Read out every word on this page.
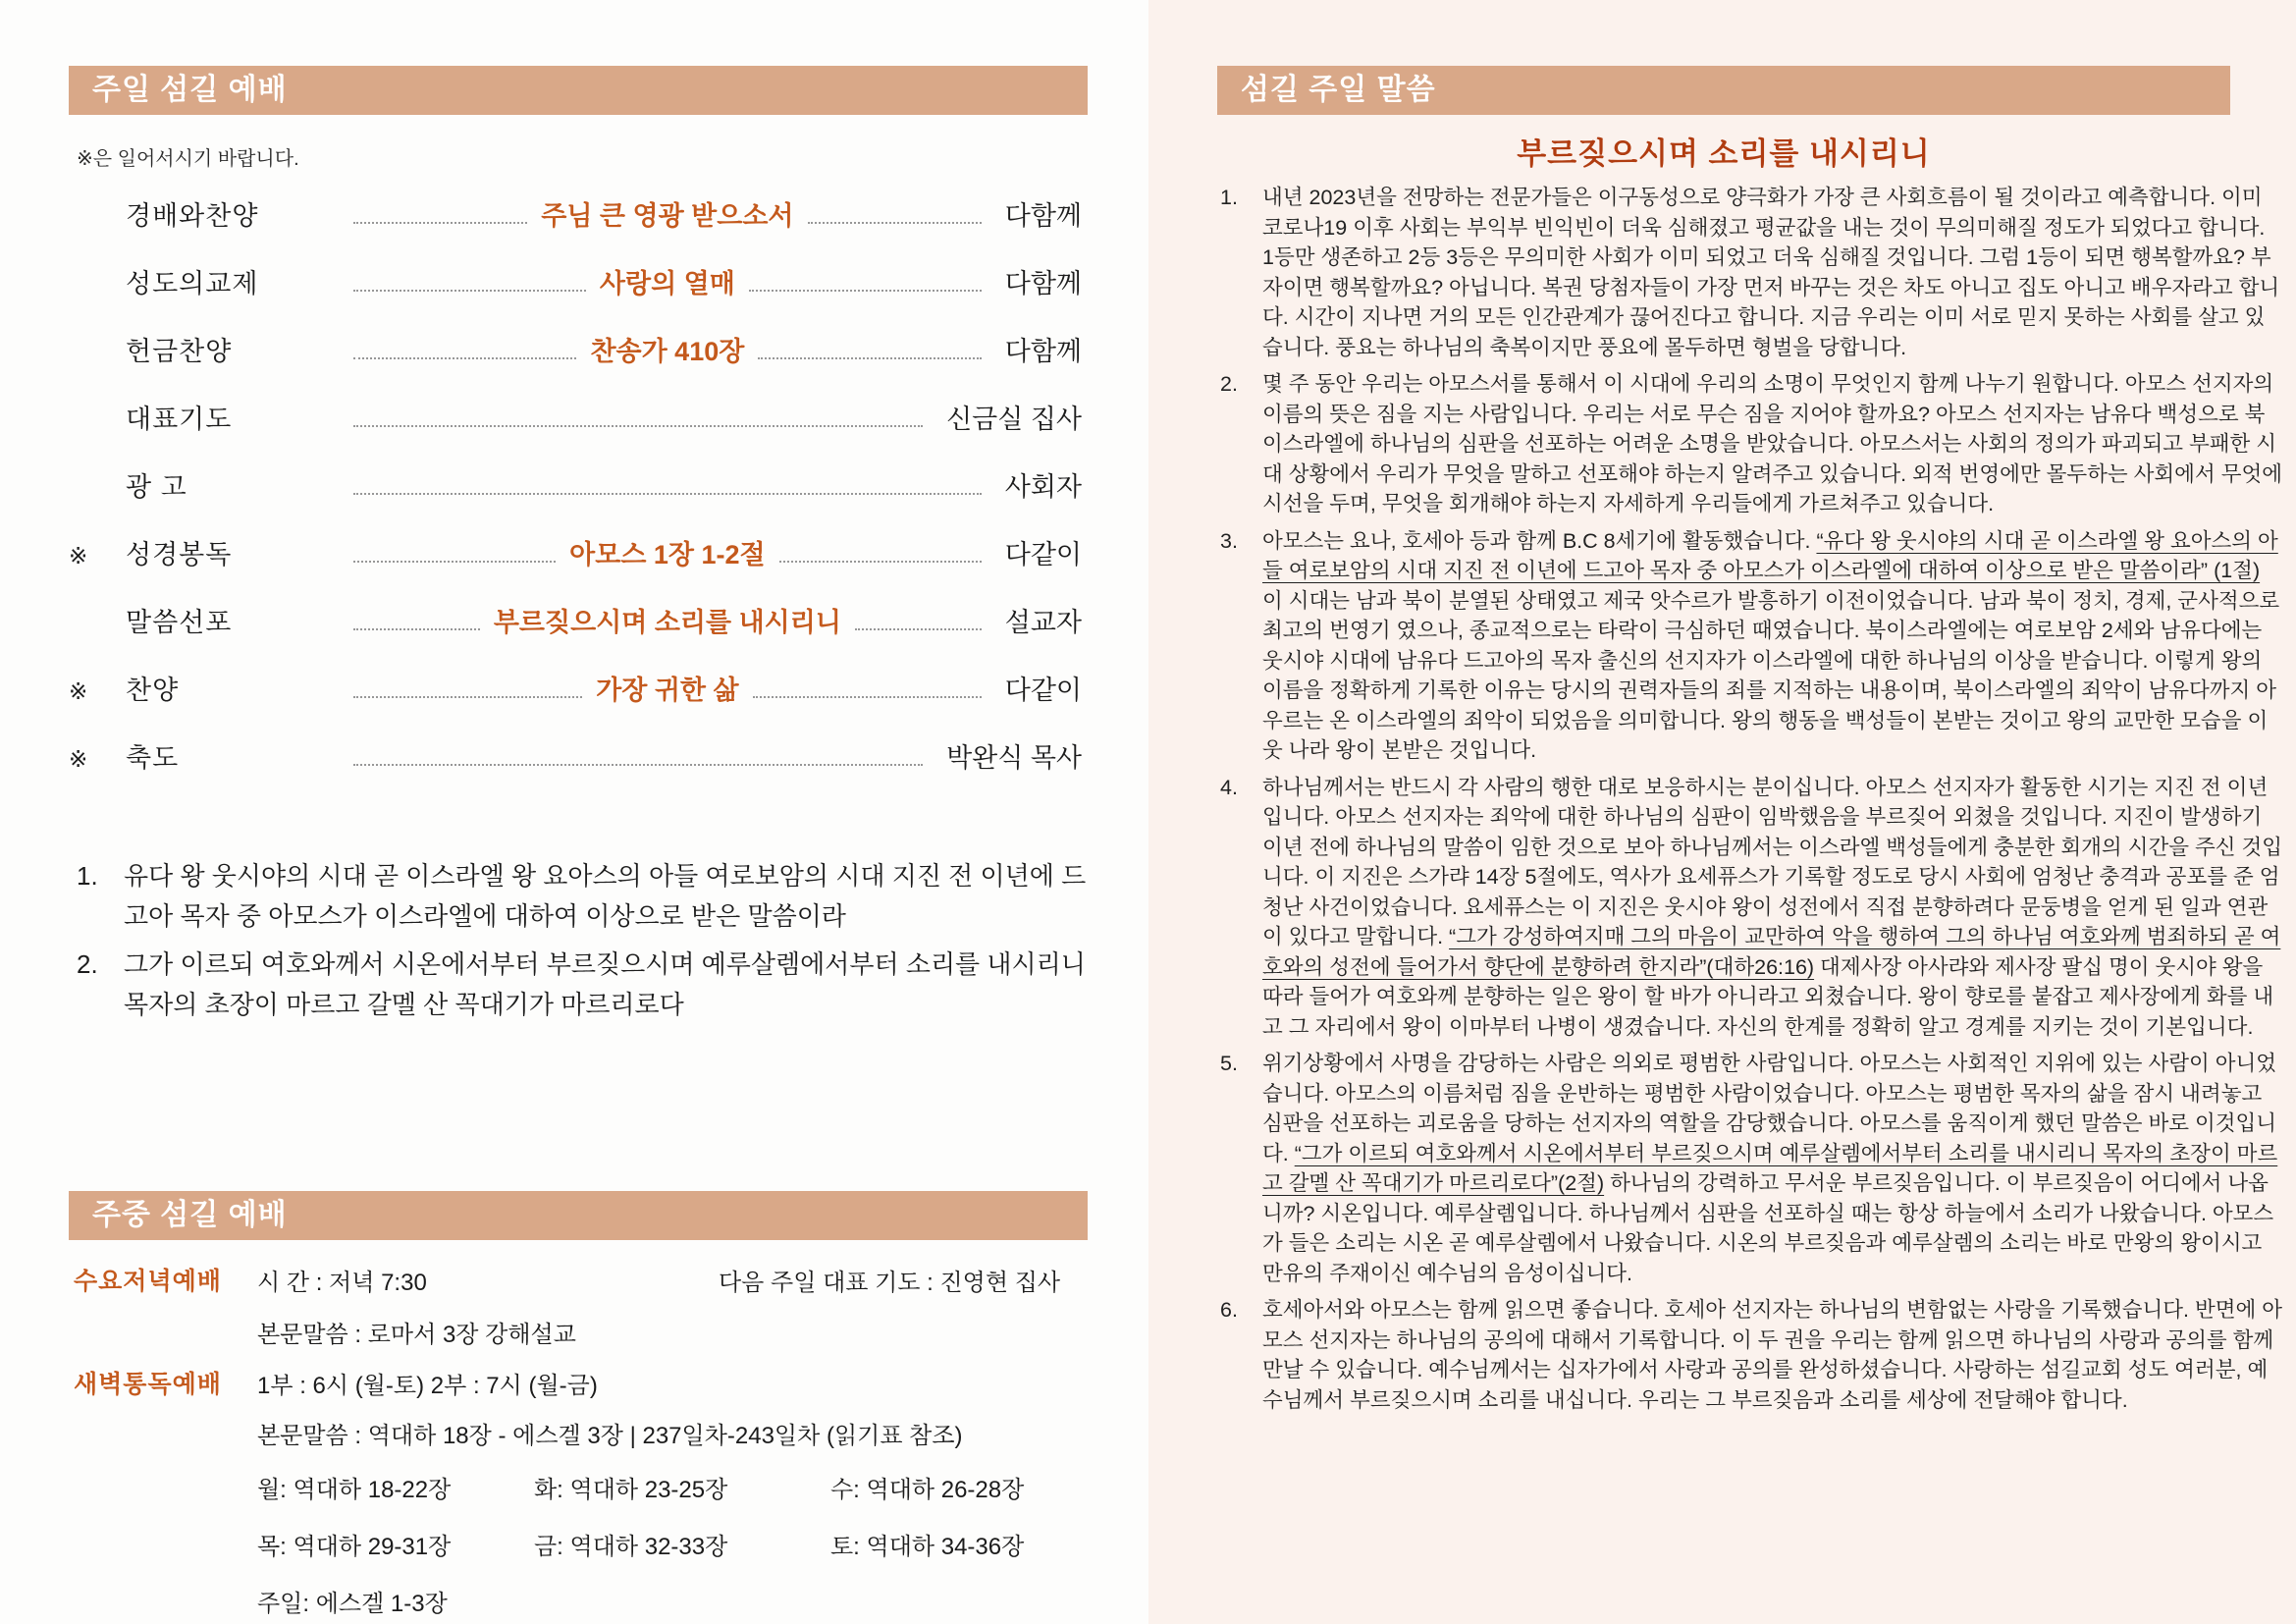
주일 섬길 예배
※은 일어서시기 바랍니다.
경배와찬양	주님 큰 영광 받으소서	다함께
성도의교제	사랑의 열매	다함께
헌금찬양	찬송가 410장	다함께
대표기도	신금실 집사
광 고	사회자
※	성경봉독	아모스 1장 1-2절	다같이
말씀선포	부르짖으시며 소리를 내시리니	설교자
※	찬양	가장 귀한 삶	다같이
※	축도	박완식 목사
1. 유다 왕 웃시야의 시대 곧 이스라엘 왕 요아스의 아들 여로보암의 시대 지진 전 이년에 드고아 목자 중 아모스가 이스라엘에 대하여 이상으로 받은 말씀이라
2. 그가 이르되 여호와께서 시온에서부터 부르짖으시며 예루살렘에서부터 소리를 내시리니 목자의 초장이 마르고 갈멜 산 꼭대기가 마르리로다
주중 섬길 예배
수요저녁예배 시 간 : 저녁 7:30	다음 주일 대표 기도 : 진영현 집사
본문말씀 : 로마서 3장 강해설교
새벽통독예배 1부 : 6시 (월-토) 2부 : 7시 (월-금)
본문말씀 : 역대하 18장 - 에스겔 3장 | 237일차-243일차 (읽기표 참조)
월: 역대하 18-22장	화: 역대하 23-25장	수: 역대하 26-28장
목: 역대하 29-31장	금: 역대하 32-33장	토: 역대하 34-36장
주일: 에스겔 1-3장
섬길 주일 말씀
부르짖으시며 소리를 내시리니
1. 내년 2023년을 전망하는 전문가들은 이구동성으로 양극화가 가장 큰 사회흐름이 될 것이라고 예측합니다. 이미 코로나19 이후 사회는 부익부 빈익빈이 더욱 심해졌고 평균값을 내는 것이 무의미해질 정도가 되었다고 합니다. 1등만 생존하고 2등 3등은 무의미한 사회가 이미 되었고 더욱 심해질 것입니다. 그럼 1등이 되면 행복할까요? 부자이면 행복할까요? 아닙니다. 복권 당첨자들이 가장 먼저 바꾸는 것은 차도 아니고 집도 아니고 배우자라고 합니다. 시간이 지나면 거의 모든 인간관계가 끊어진다고 합니다. 지금 우리는 이미 서로 믿지 못하는 사회를 살고 있습니다. 풍요는 하나님의 축복이지만 풍요에 몰두하면 형벌을 당합니다.
2. 몇 주 동안 우리는 아모스서를 통해서 이 시대에 우리의 소명이 무엇인지 함께 나누기 원합니다. 아모스 선지자의 이름의 뜻은 짐을 지는 사람입니다. 우리는 서로 무슨 짐을 지어야 할까요? 아모스 선지자는 남유다 백성으로 북이스라엘에 하나님의 심판을 선포하는 어려운 소명을 받았습니다. 아모스서는 사회의 정의가 파괴되고 부패한 시대 상황에서 우리가 무엇을 말하고 선포해야 하는지 알려주고 있습니다. 외적 번영에만 몰두하는 사회에서 무엇에 시선을 두며, 무엇을 회개해야 하는지 자세하게 우리들에게 가르쳐주고 있습니다.
3. 아모스는 요나, 호세아 등과 함께 B.C 8세기에 활동했습니다. “유다 왕 웃시야의 시대 곧 이스라엘 왕 요아스의 아들 여로보암의 시대 지진 전 이년에 드고아 목자 중 아모스가 이스라엘에 대하여 이상으로 받은 말씀이라” (1절) 이 시대는 남과 북이 분열된 상태였고 제국 앗수르가 발흥하기 이전이었습니다. 남과 북이 정치, 경제, 군사적으로 최고의 번영기 였으나, 종교적으로는 타락이 극심하던 때였습니다. 북이스라엘에는 여로보암 2세와 남유다에는 웃시야 시대에 남유다 드고아의 목자 출신의 선지자가 이스라엘에 대한 하나님의 이상을 받습니다. 이렇게 왕의 이름을 정확하게 기록한 이유는 당시의 권력자들의 죄를 지적하는 내용이며, 북이스라엘의 죄악이 남유다까지 아우르는 온 이스라엘의 죄악이 되었음을 의미합니다. 왕의 행동을 백성들이 본받는 것이고 왕의 교만한 모습을 이웃 나라 왕이 본받은 것입니다.
4. 하나님께서는 반드시 각 사람의 행한 대로 보응하시는 분이십니다. 아모스 선지자가 활동한 시기는 지진 전 이년입니다. 아모스 선지자는 죄악에 대한 하나님의 심판이 임박했음을 부르짖어 외쳤을 것입니다. 지진이 발생하기 이년 전에 하나님의 말씀이 임한 것으로 보아 하나님께서는 이스라엘 백성들에게 충분한 회개의 시간을 주신 것입니다. 이 지진은 스가랴 14장 5절에도, 역사가 요세퓨스가 기록할 정도로 당시 사회에 엄청난 충격과 공포를 준 엄청난 사건이었습니다. 요세퓨스는 이 지진은 웃시야 왕이 성전에서 직접 분향하려다 문둥병을 얻게 된 일과 연관이 있다고 말합니다. “그가 강성하여지매 그의 마음이 교만하여 악을 행하여 그의 하나님 여호와께 범죄하되 곧 여호와의 성전에 들어가서 향단에 분향하려 한지라”(대하26:16) 대제사장 아사랴와 제사장 팔십 명이 웃시야 왕을 따라 들어가 여호와께 분향하는 일은 왕이 할 바가 아니라고 외쳤습니다. 왕이 향로를 붙잡고 제사장에게 화를 내고 그 자리에서 왕이 이마부터 나병이 생겼습니다. 자신의 한계를 정확히 알고 경계를 지키는 것이 기본입니다.
5. 위기상황에서 사명을 감당하는 사람은 의외로 평범한 사람입니다. 아모스는 사회적인 지위에 있는 사람이 아니었습니다. 아모스의 이름처럼 짐을 운반하는 평범한 사람이었습니다. 아모스는 평범한 목자의 삶을 잠시 내려놓고 심판을 선포하는 괴로움을 당하는 선지자의 역할을 감당했습니다. 아모스를 움직이게 했던 말씀은 바로 이것입니다. “그가 이르되 여호와께서 시온에서부터 부르짖으시며 예루살렘에서부터 소리를 내시리니 목자의 초장이 마르고 갈멜 산 꼭대기가 마르리로다”(2절) 하나님의 강력하고 무서운 부르짖음입니다. 이 부르짖음이 어디에서 나옵니까? 시온입니다. 예루살렘입니다. 하나님께서 심판을 선포하실 때는 항상 하늘에서 소리가 나왔습니다. 아모스가 들은 소리는 시온 곧 예루살렘에서 나왔습니다. 시온의 부르짖음과 예루살렘의 소리는 바로 만왕의 왕이시고 만유의 주재이신 예수님의 음성이십니다.
6. 호세아서와 아모스는 함께 읽으면 좋습니다. 호세아 선지자는 하나님의 변함없는 사랑을 기록했습니다. 반면에 아모스 선지자는 하나님의 공의에 대해서 기록합니다. 이 두 권을 우리는 함께 읽으면 하나님의 사랑과 공의를 함께 만날 수 있습니다. 예수님께서는 십자가에서 사랑과 공의를 완성하셨습니다. 사랑하는 섬길교회 성도 여러분, 예수님께서 부르짖으시며 소리를 내십니다. 우리는 그 부르짖음과 소리를 세상에 전달해야 합니다.
